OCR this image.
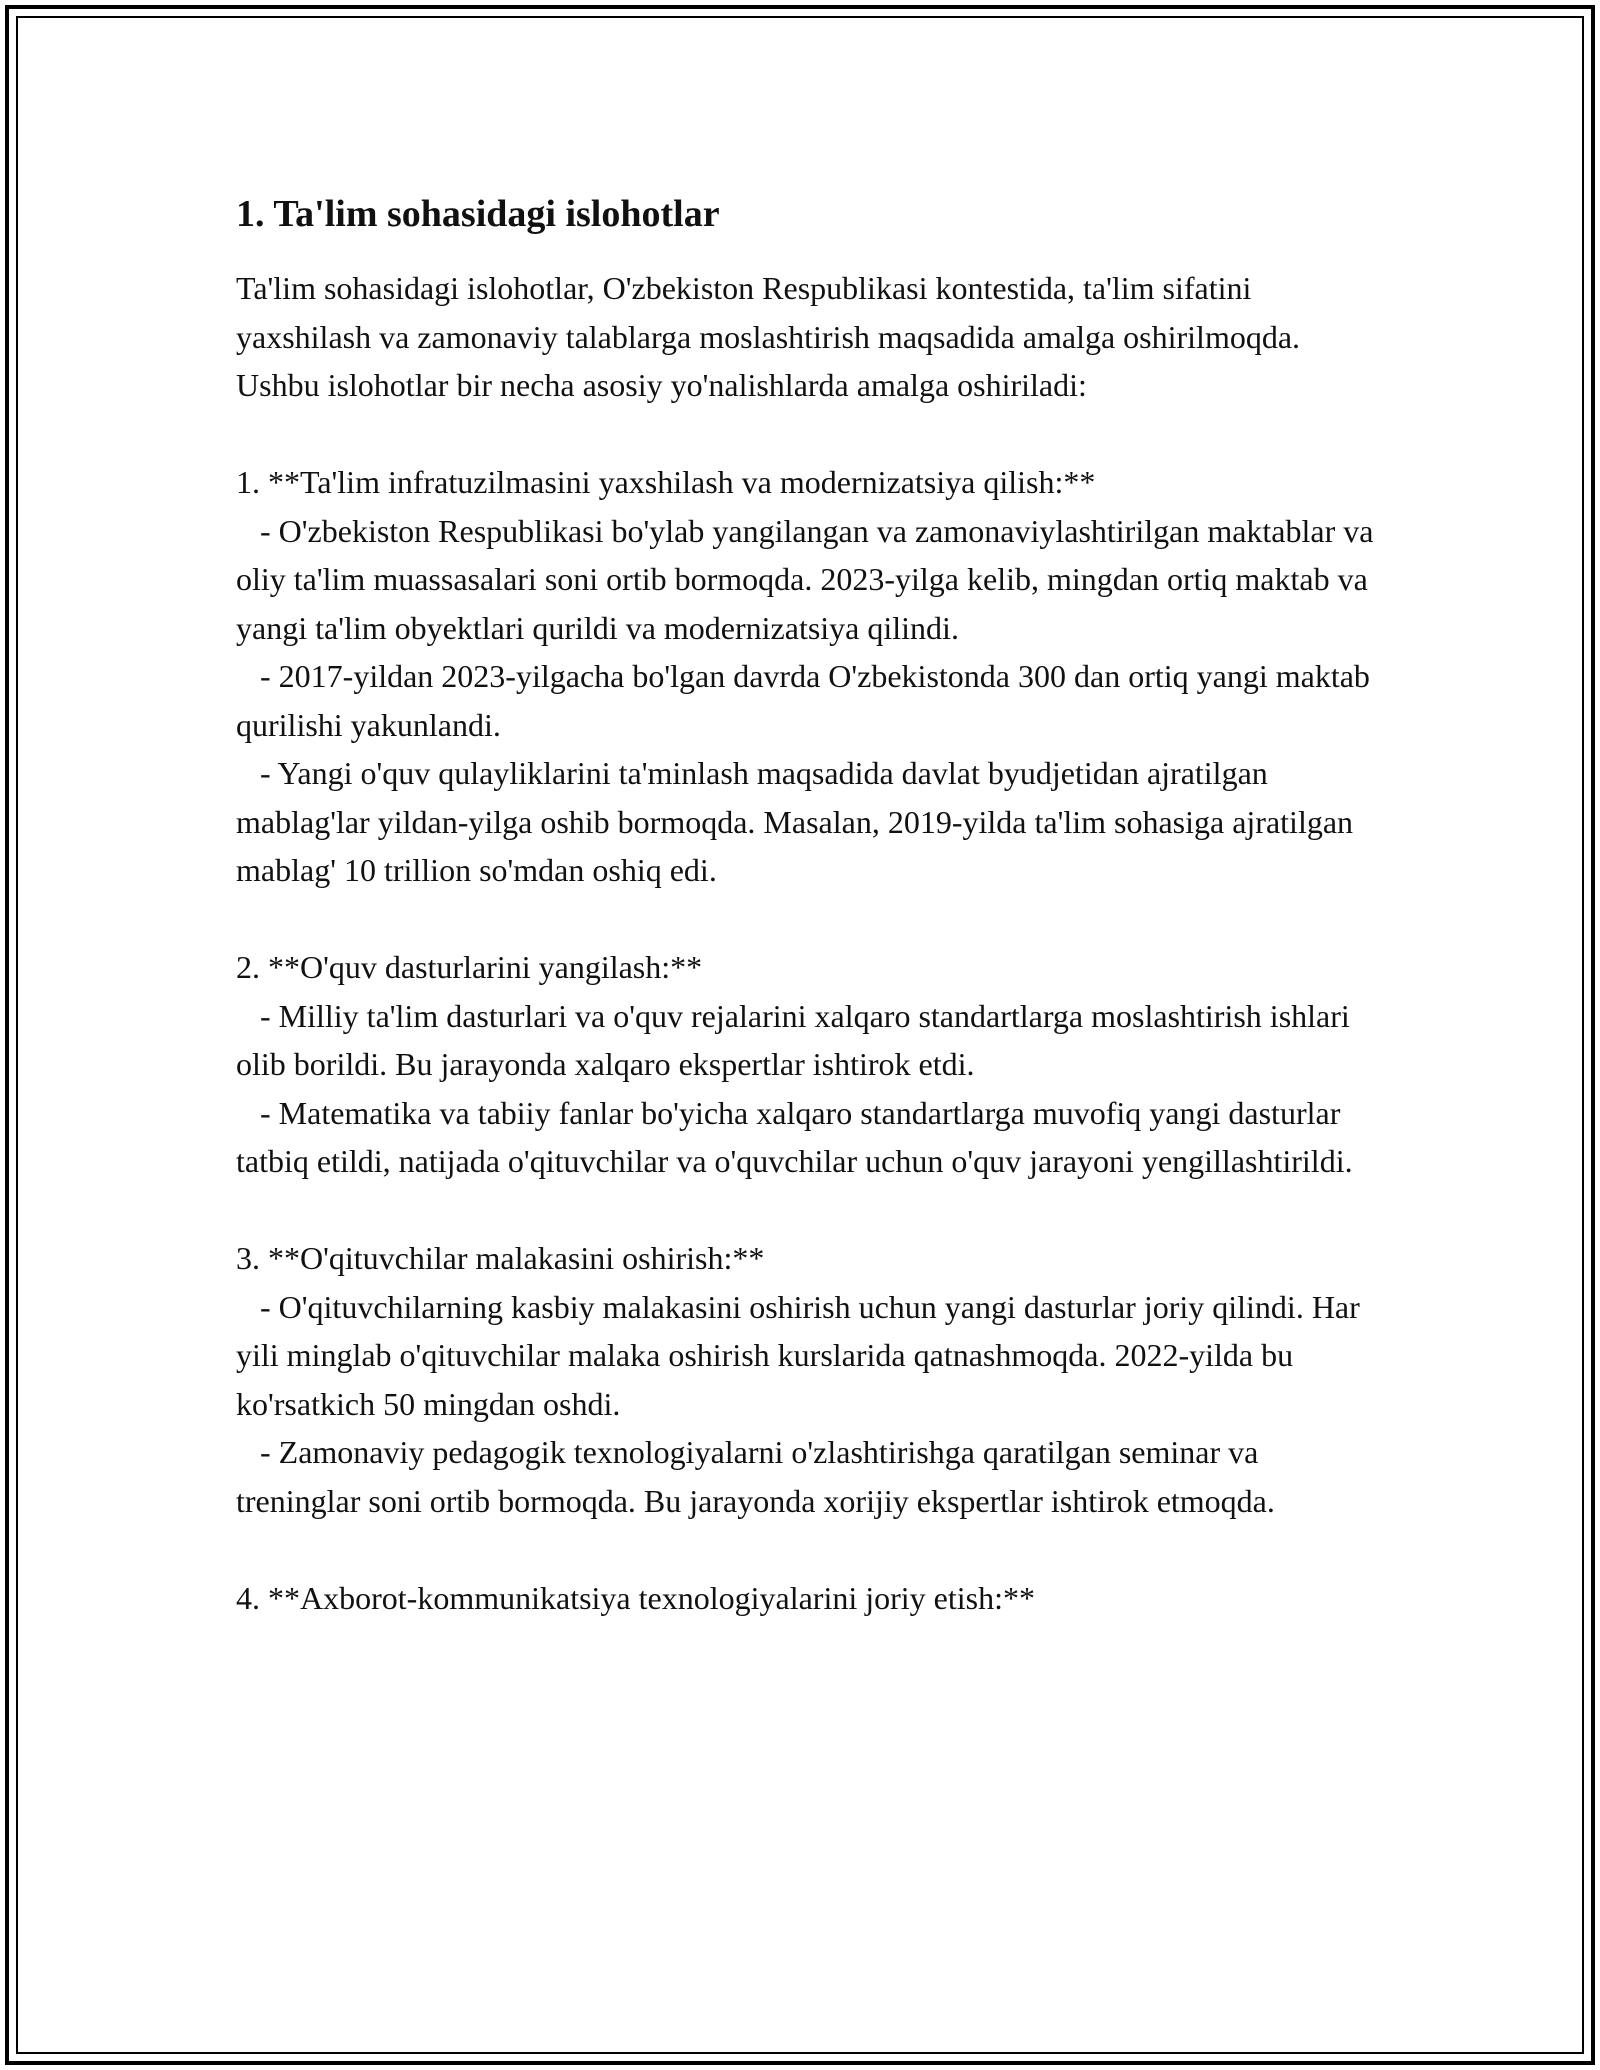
1. Ta'lim sohasidagi islohotlar

Ta'lim sohasidagi islohotlar, O'zbekiston Respublikasi kontestida, ta'lim sifatini yaxshilash va zamonaviy talablarga moslashtirish maqsadida amalga oshirilmoqda. Ushbu islohotlar bir necha asosiy yo'nalishlarda amalga oshiriladi:

1. **Ta'lim infratuzilmasini yaxshilash va modernizatsiya qilish:**

- O'zbekiston Respublikasi bo'ylab yangilangan va zamonaviylashtirilgan maktablar va oliy ta'lim muassasalari soni ortib bormoqda. 2023-yilga kelib, mingdan ortiq maktab va yangi ta'lim obyektlari qurildi va modernizatsiya qilindi.

- 2017-yildan 2023-yilgacha bo'lgan davrda O'zbekistonda 300 dan ortiq yangi maktab qurilishi yakunlandi.

- Yangi o'quv qulayliklarini ta'minlash maqsadida davlat byudjetidan ajratilgan mablag'lar yildan-yilga oshib bormoqda. Masalan, 2019-yilda ta'lim sohasiga ajratilgan mablag' 10 trillion so'mdan oshiq edi.

2. **O'quv dasturlarini yangilash:**

- Milliy ta'lim dasturlari va o'quv rejalarini xalqaro standartlarga moslashtirish ishlari olib borildi. Bu jarayonda xalqaro ekspertlar ishtirok etdi.

- Matematika va tabiiy fanlar bo'yicha xalqaro standartlarga muvofiq yangi dasturlar tatbiq etildi, natijada o'qituvchilar va o'quvchilar uchun o'quv jarayoni yengillashtirildi.

3. **O'qituvchilar malakasini oshirish:**

- O'qituvchilarning kasbiy malakasini oshirish uchun yangi dasturlar joriy qilindi. Har yili minglab o'qituvchilar malaka oshirish kurslarida qatnashmoqda. 2022-yilda bu ko'rsatkich 50 mingdan oshdi.

- Zamonaviy pedagogik texnologiyalarni o'zlashtirishga qaratilgan seminar va treninglar soni ortib bormoqda. Bu jarayonda xorijiy ekspertlar ishtirok etmoqda.

4. **Axborot-kommunikatsiya texnologiyalarini joriy etish:**
